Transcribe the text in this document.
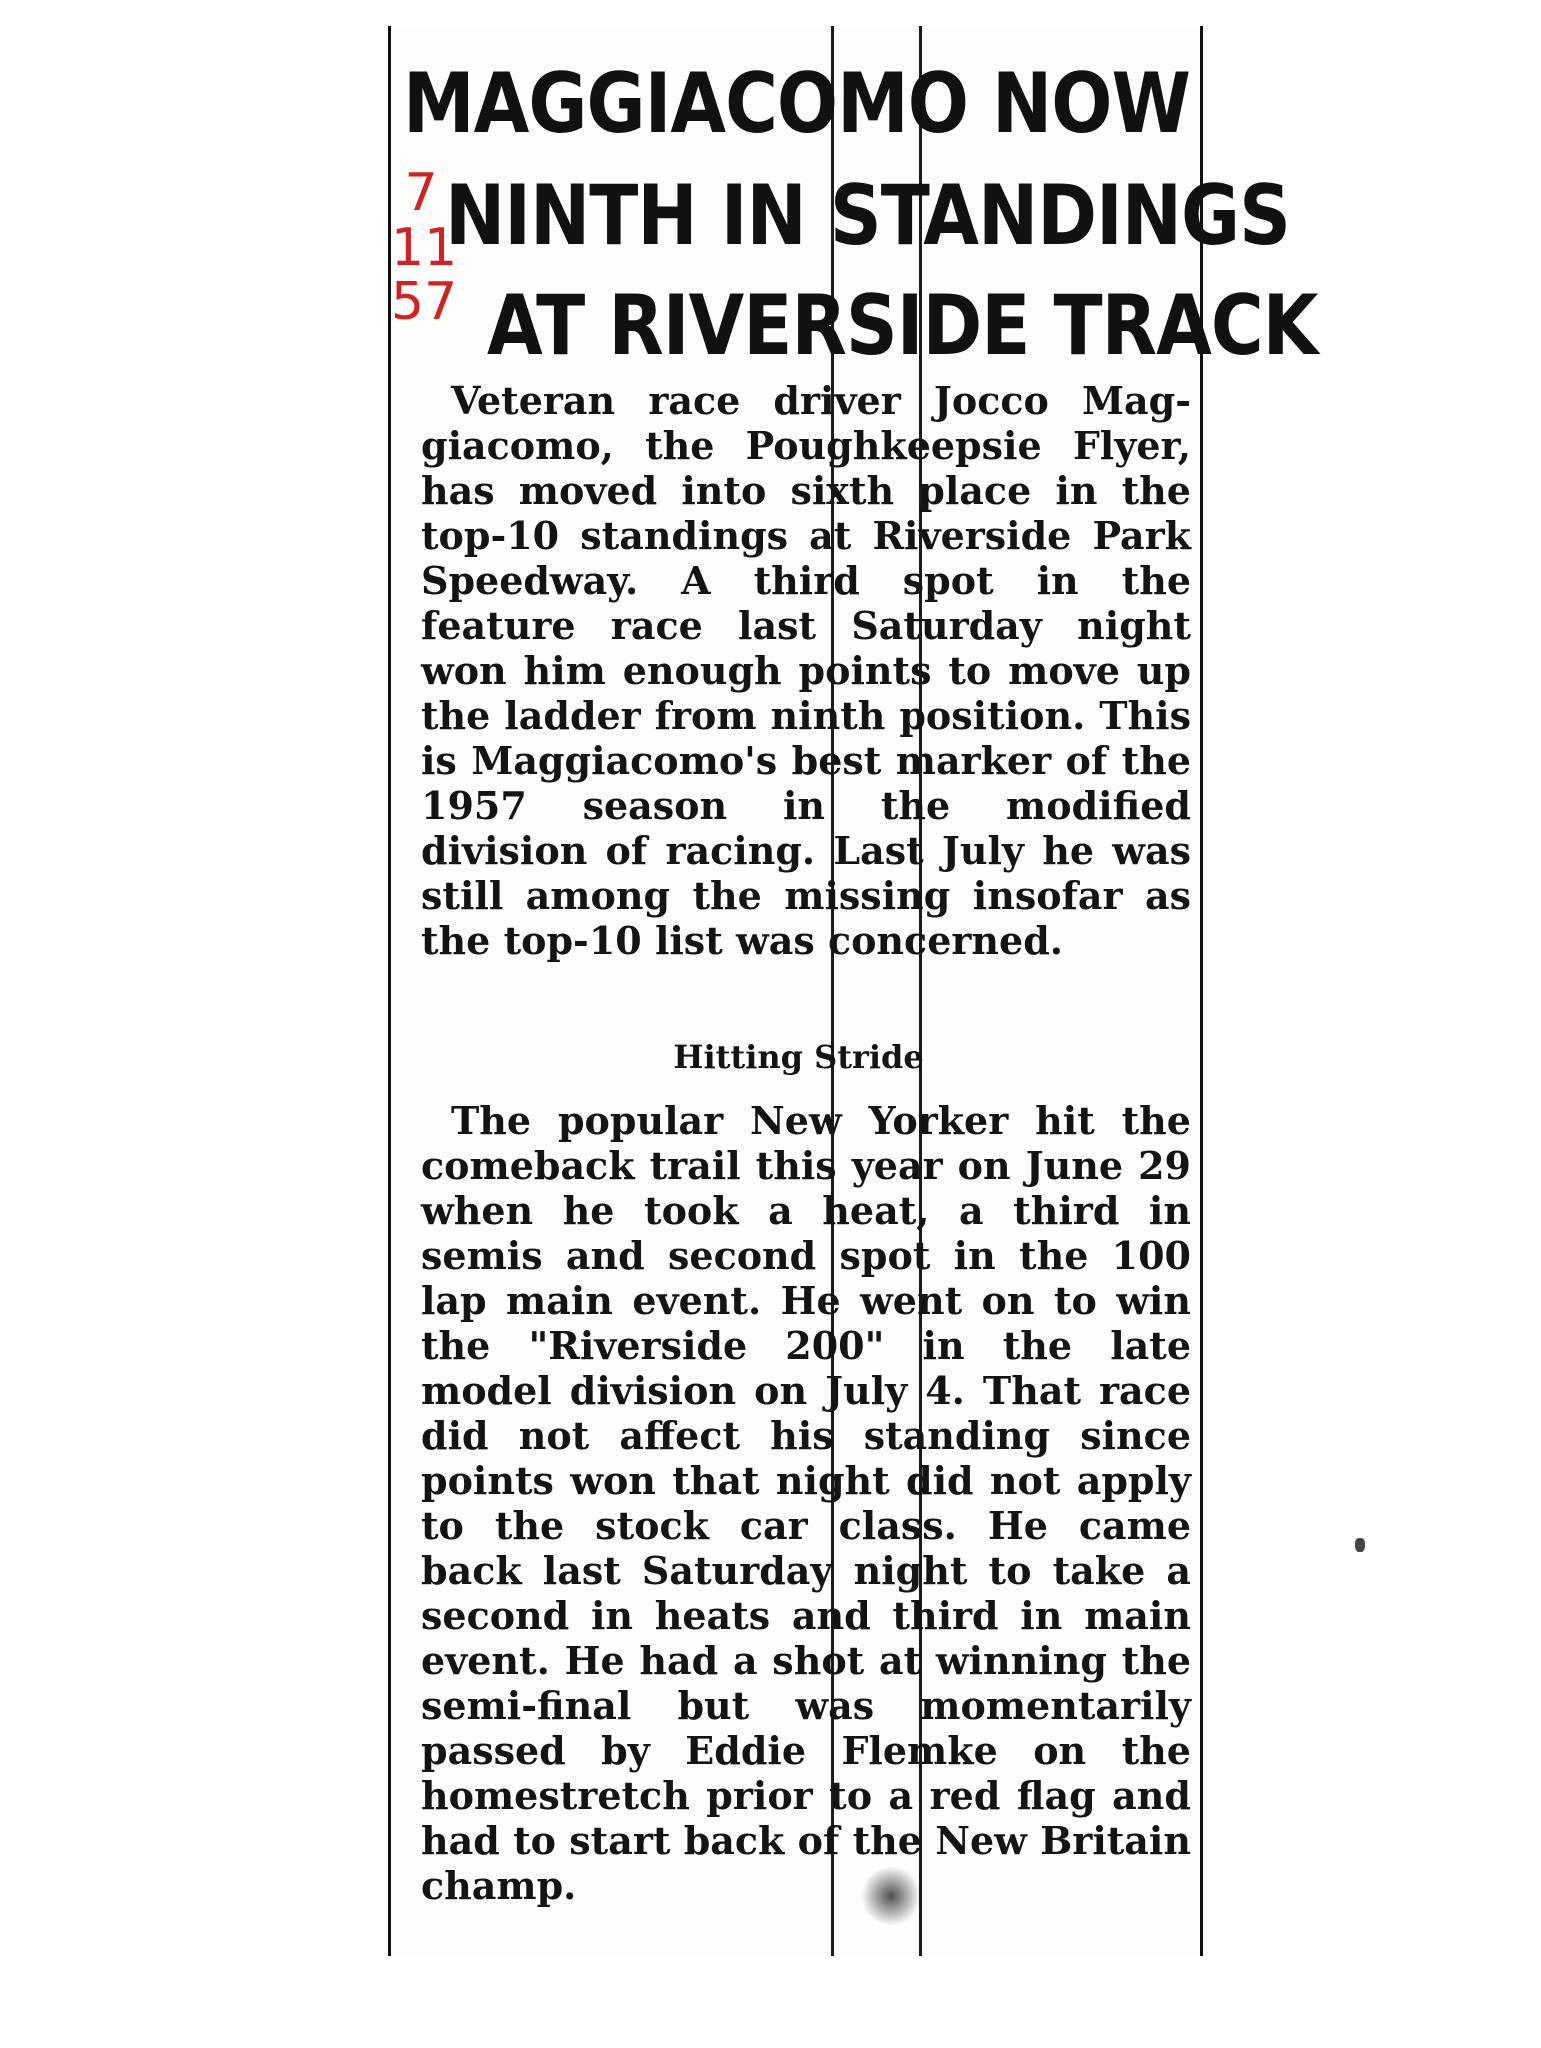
MAGGIACOMO NOW
NINTH IN STANDINGS
AT RIVERSIDE TRACK
7
11
57

Veteran race driver Jocco Maggiacomo, the Poughkeepsie Flyer, has moved into sixth place in the top-10 standings at Riverside Park Speedway. A third spot in the feature race last Saturday night won him enough points to move up the ladder from ninth position. This is Maggiacomo's best marker of the 1957 season in the modified division of racing. Last July he was still among the missing insofar as the top-10 list was concerned.

Hitting Stride

The popular New Yorker hit the comeback trail this year on June 29 when he took a heat, a third in semis and second spot in the 100 lap main event. He went on to win the "Riverside 200" in the late model division on July 4. That race did not affect his standing since points won that night did not apply to the stock car class. He came back last Saturday night to take a second in heats and third in main event. He had a shot at winning the semi-final but was momentarily passed by Eddie Flemke on the homestretch prior to a red flag and had to start back of the New Britain champ.
